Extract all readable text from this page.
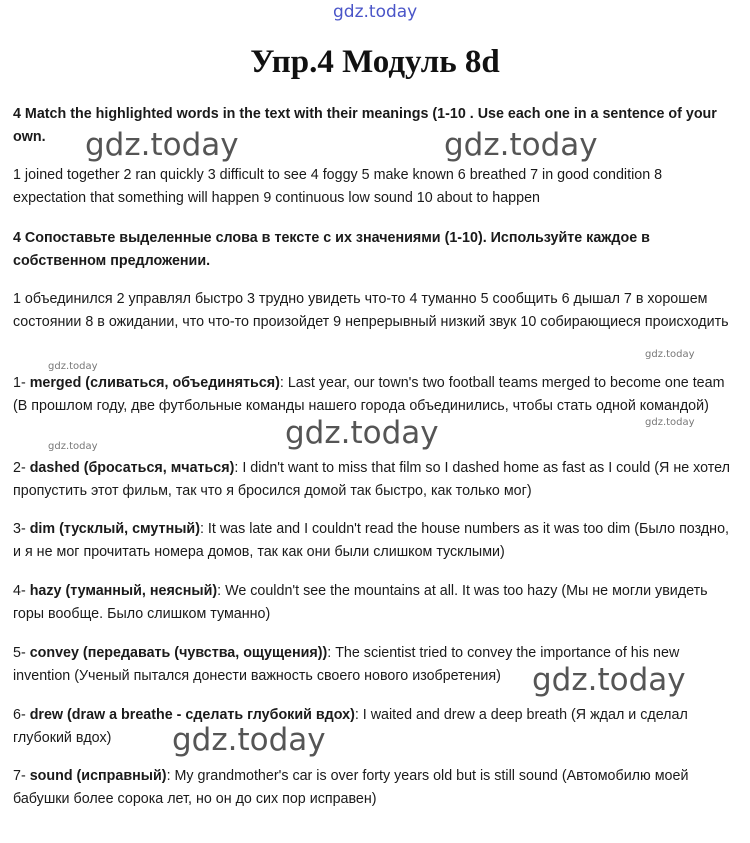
gdz.today
gdz.today	gdz.today
gdz.today
gdz.today
gdz.today
gdz.today
gdz.today
gdz.today
gdz.today
Упр.4 Модуль 8d

4 Match the highlighted words in the text with their meanings (1-10 . Use each one in a sentence of your own.

1 joined together 2 ran quickly 3 difficult to see 4 foggy 5 make known 6 breathed 7 in good condition 8 expectation that something will happen 9 continuous low sound 10 about to happen

4 Сопоставьте выделенные слова в тексте с их значениями (1-10). Используйте каждое в собственном предложении.

1 объединился 2 управлял быстро 3 трудно увидеть что-то 4 туманно 5 сообщить 6 дышал 7 в хорошем состоянии 8 в ожидании, что что-то произойдет 9 непрерывный низкий звук 10 собирающиеся происходить

1- merged (сливаться, объединяться): Last year, our town's two football teams merged to become one team (В прошлом году, две футбольные команды нашего города объединились, чтобы стать одной командой)

2- dashed (бросаться, мчаться): I didn't want to miss that film so I dashed home as fast as I could (Я не хотел пропустить этот фильм, так что я бросился домой так быстро, как только мог)

3- dim (тусклый, смутный): It was late and I couldn't read the house numbers as it was too dim (Было поздно, и я не мог прочитать номера домов, так как они были слишком тусклыми)

4- hazy (туманный, неясный): We couldn't see the mountains at all. It was too hazy (Мы не могли увидеть горы вообще. Было слишком туманно)

5- convey (передавать (чувства, ощущения)): The scientist tried to convey the importance of his new invention (Ученый пытался донести важность своего нового изобретения)

6- drew (draw a breathe - сделать глубокий вдох): I waited and drew a deep breath (Я ждал и сделал глубокий вдох)

7- sound (исправный): My grandmother's car is over forty years old but is still sound (Автомобилю моей бабушки более сорока лет, но он до сих пор исправен)
